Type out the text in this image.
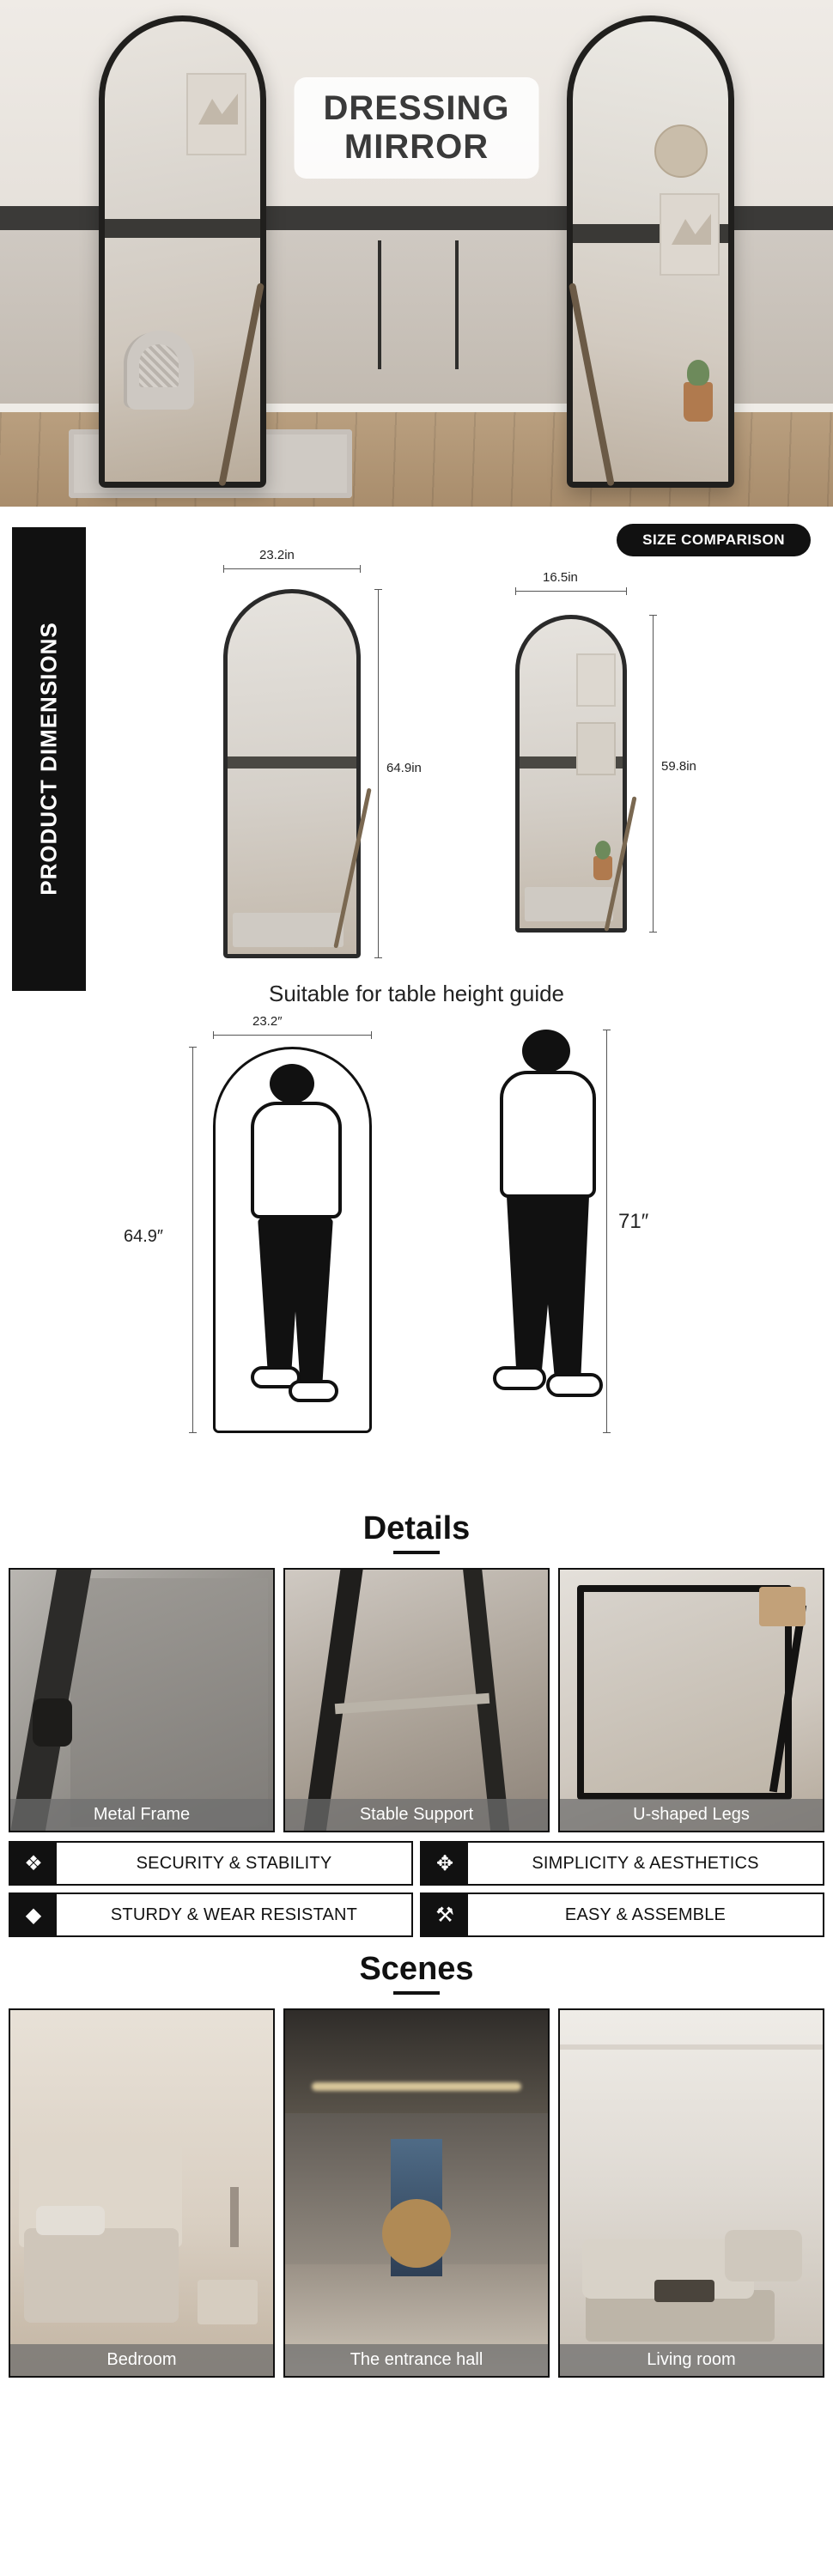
DRESSING
MIRROR
PRODUCT DIMENSIONS
SIZE COMPARISON
23.2in
64.9in
16.5in
59.8in
Suitable for table height guide
23.2″
64.9″
71″
Details
Metal Frame	Stable Support	U-shaped Legs
❖	SECURITY & STABILITY	✥	SIMPLICITY & AESTHETICS
◆	STURDY & WEAR RESISTANT	⚒	EASY & ASSEMBLE
Scenes
Bedroom	The entrance hall	Living room
